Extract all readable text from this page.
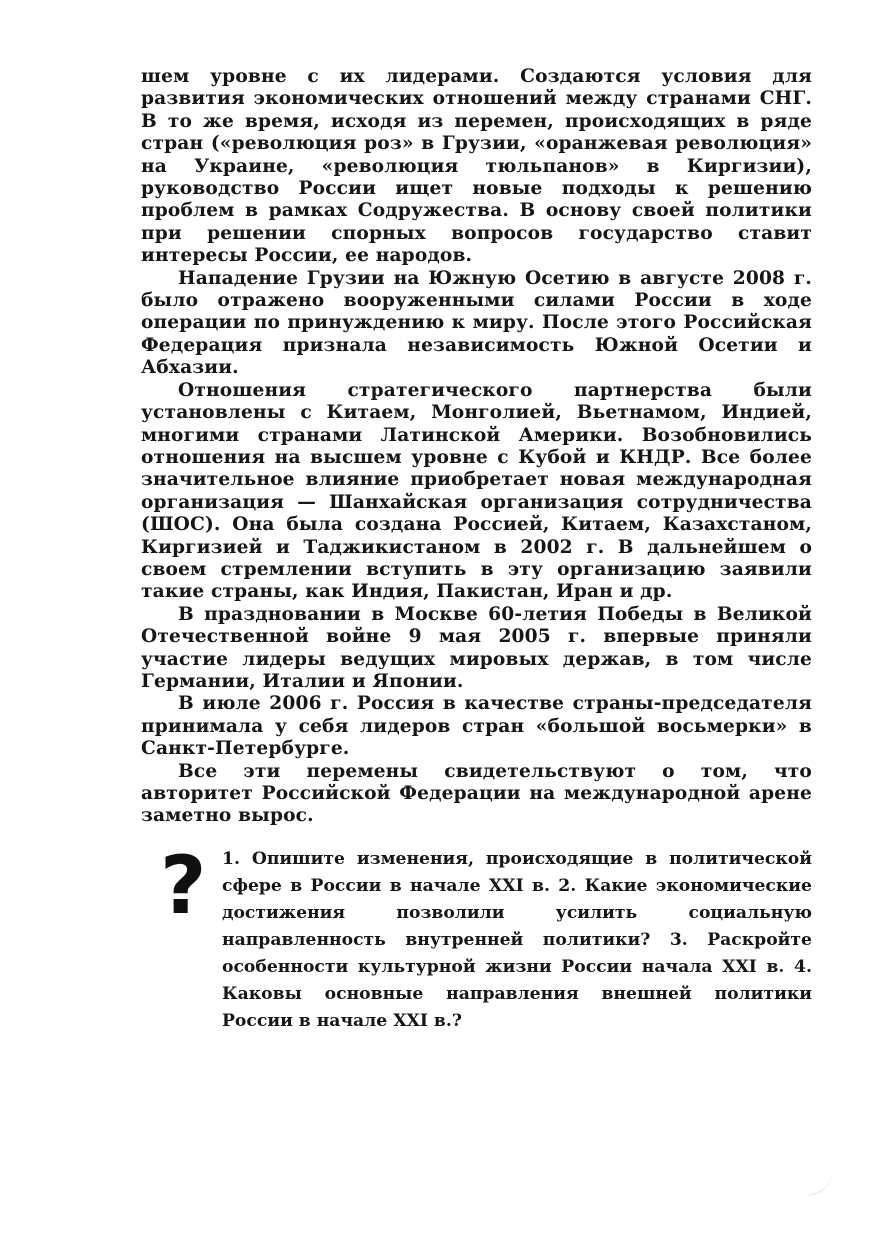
шем уровне с их лидерами. Создаются условия для развития экономических отношений между странами СНГ. В то же время, исходя из перемен, происходящих в ряде стран («революция роз» в Грузии, «оранжевая революция» на Украине, «революция тюльпанов» в Киргизии), руководство России ищет новые подходы к решению проблем в рамках Содружества. В основу своей политики при решении спорных вопросов государство ставит интересы России, ее народов.

Нападение Грузии на Южную Осетию в августе 2008 г. было отражено вооруженными силами России в ходе операции по принуждению к миру. После этого Российская Федерация признала независимость Южной Осетии и Абхазии.

Отношения стратегического партнерства были установлены с Китаем, Монголией, Вьетнамом, Индией, многими странами Латинской Америки. Возобновились отношения на высшем уровне с Кубой и КНДР. Все более значительное влияние приобретает новая международная организация — Шанхайская организация сотрудничества (ШОС). Она была создана Россией, Китаем, Казахстаном, Киргизией и Таджикистаном в 2002 г. В дальнейшем о своем стремлении вступить в эту организацию заявили такие страны, как Индия, Пакистан, Иран и др.

В праздновании в Москве 60-летия Победы в Великой Отечественной войне 9 мая 2005 г. впервые приняли участие лидеры ведущих мировых держав, в том числе Германии, Италии и Японии.

В июле 2006 г. Россия в качестве страны-председателя принимала у себя лидеров стран «большой восьмерки» в Санкт-Петербурге.

Все эти перемены свидетельствуют о том, что авторитет Российской Федерации на международной арене заметно вырос.

? 1. Опишите изменения, происходящие в политической сфере в России в начале XXI в. 2. Какие экономические достижения позволили усилить социальную направленность внутренней политики? 3. Раскройте особенности культурной жизни России начала XXI в. 4. Каковы основные направления внешней политики России в начале XXI в.?
